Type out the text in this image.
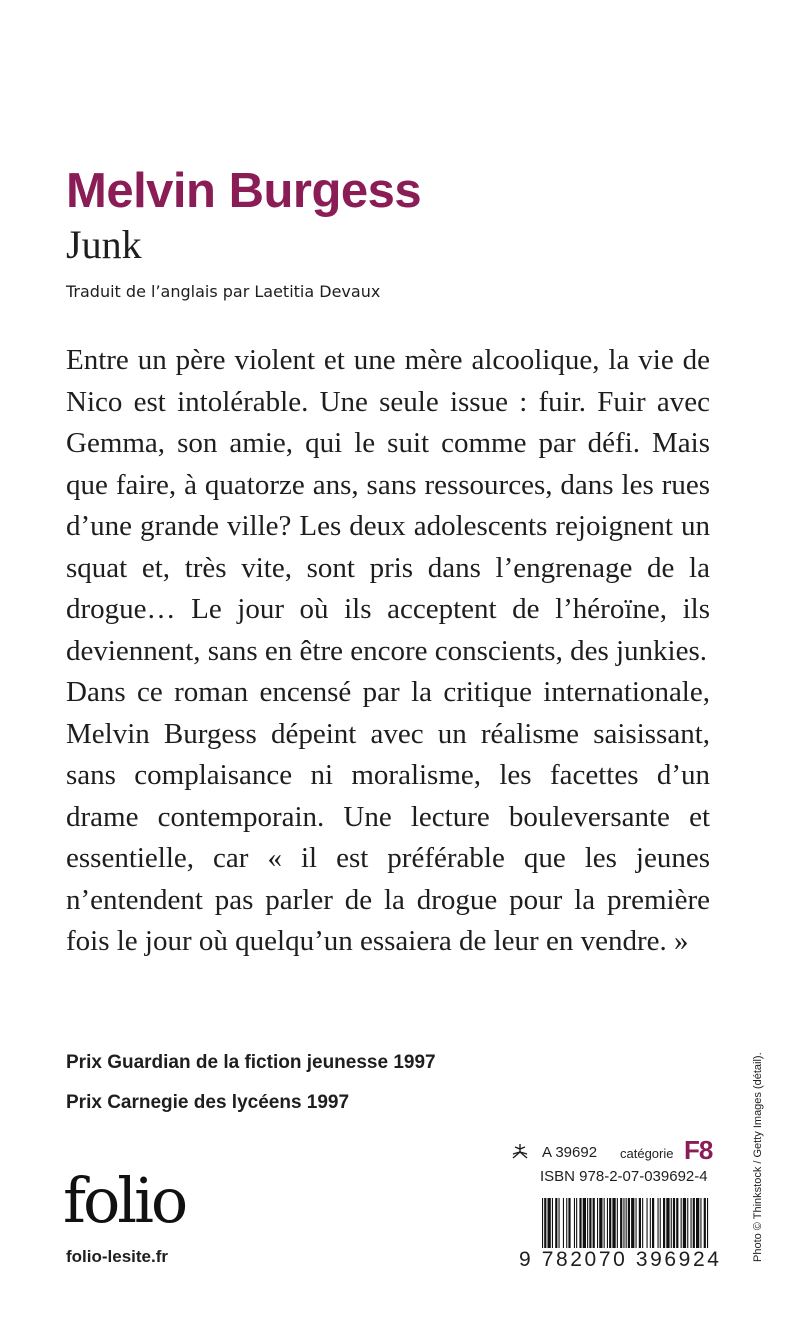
Melvin Burgess
Junk
Traduit de l’anglais par Laetitia Devaux

Entre un père violent et une mère alcoolique, la vie de Nico est intolérable. Une seule issue : fuir. Fuir avec Gemma, son amie, qui le suit comme par défi. Mais que faire, à quatorze ans, sans ressources, dans les rues d’une grande ville? Les deux adolescents rejoignent un squat et, très vite, sont pris dans l’engrenage de la drogue… Le jour où ils acceptent de l’héroïne, ils deviennent, sans en être encore conscients, des junkies.

Dans ce roman encensé par la critique internationale, Melvin Burgess dépeint avec un réalisme saisissant, sans complaisance ni moralisme, les facettes d’un drame contemporain. Une lecture bouleversante et essentielle, car « il est préférable que les jeunes n’entendent pas parler de la drogue pour la première fois le jour où quelqu’un essaiera de leur en vendre. »

Prix Guardian de la fiction jeunesse 1997
Prix Carnegie des lycéens 1997
folio
folio-lesite.fr
A 39692 catégorie F8
ISBN 978-2-07-039692-4
9 782070 396924	Photo © Thinkstock / Getty Images (détail).
